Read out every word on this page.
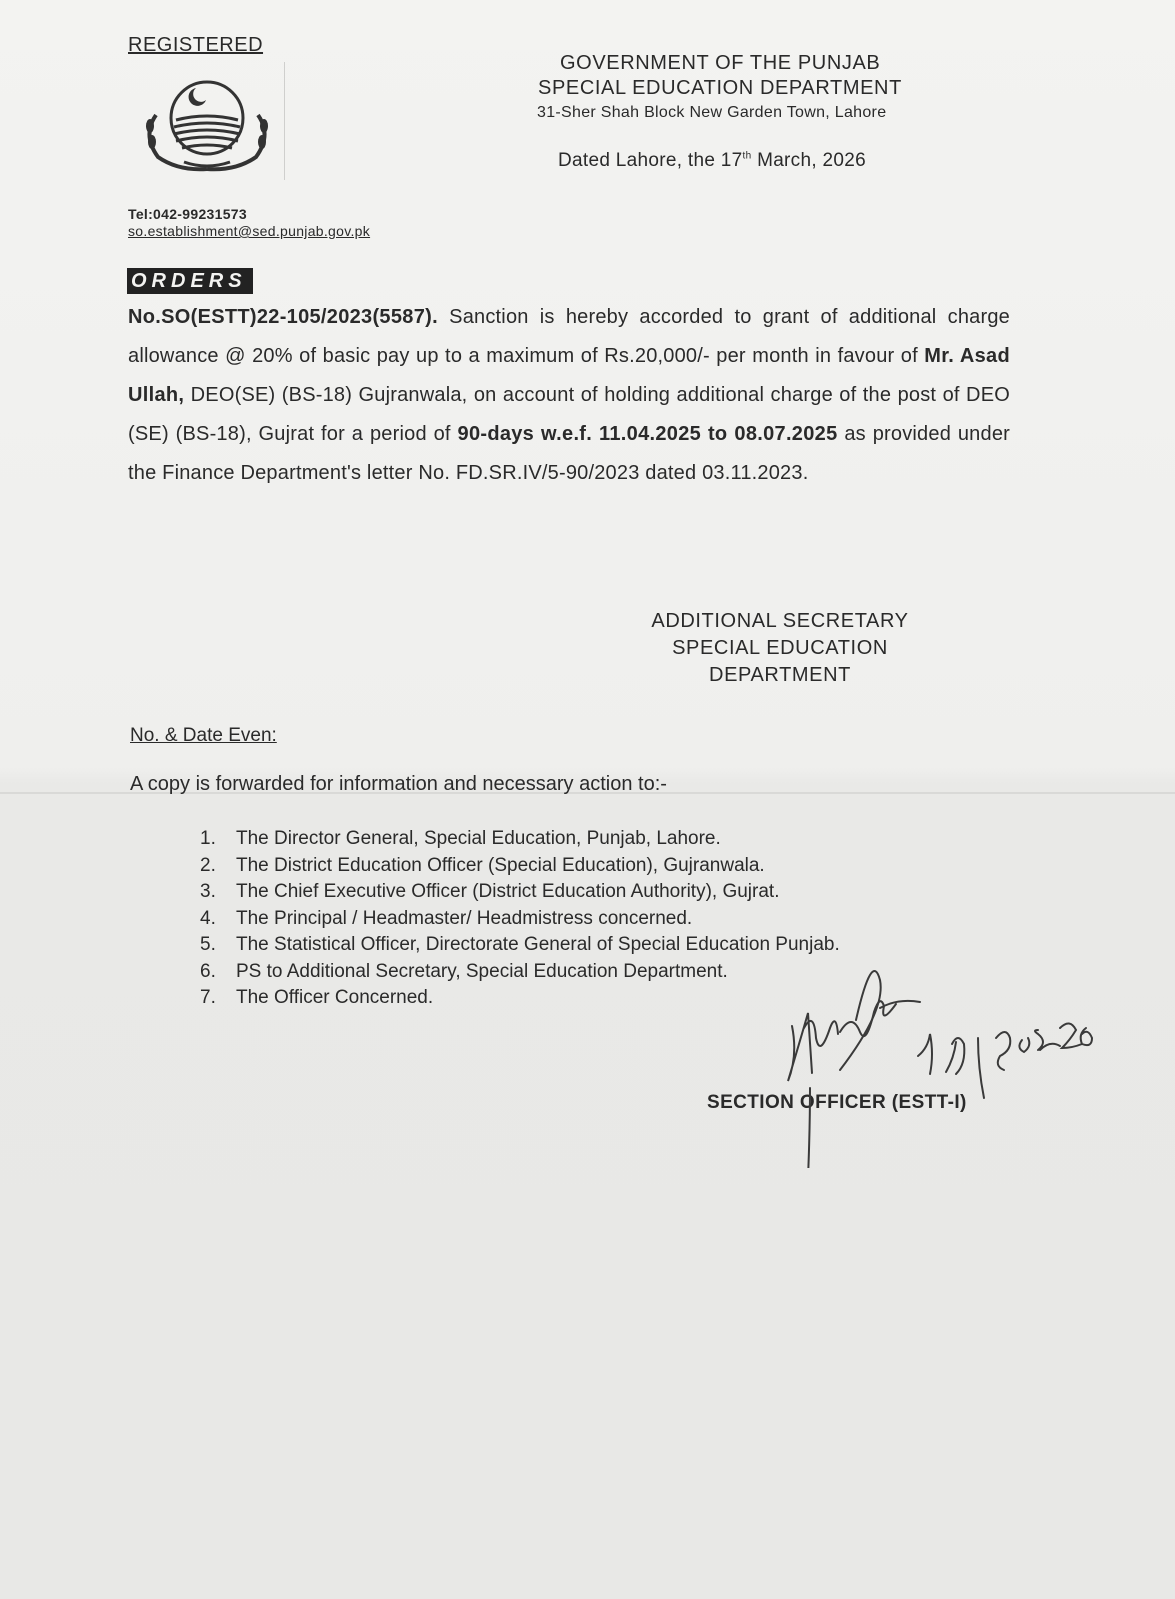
REGISTERED
GOVERNMENT OF THE PUNJAB
SPECIAL EDUCATION DEPARTMENT
31-Sher Shah Block New Garden Town, Lahore
Dated Lahore, the 17th March, 2026
Tel:042-99231573
so.establishment@sed.punjab.gov.pk
ORDERS
No.SO(ESTT)22-105/2023(5587). Sanction is hereby accorded to grant of additional charge allowance @ 20% of basic pay up to a maximum of Rs.20,000/- per month in favour of Mr. Asad Ullah, DEO(SE) (BS-18) Gujranwala, on account of holding additional charge of the post of DEO (SE) (BS-18), Gujrat for a period of 90-days w.e.f. 11.04.2025 to 08.07.2025 as provided under the Finance Department's letter No. FD.SR.IV/5-90/2023 dated 03.11.2023.
ADDITIONAL SECRETARY
SPECIAL EDUCATION
DEPARTMENT
No. & Date Even:
A copy is forwarded for information and necessary action to:-
1. The Director General, Special Education, Punjab, Lahore.
2. The District Education Officer (Special Education), Gujranwala.
3. The Chief Executive Officer (District Education Authority), Gujrat.
4. The Principal / Headmaster/ Headmistress concerned.
5. The Statistical Officer, Directorate General of Special Education Punjab.
6. PS to Additional Secretary, Special Education Department.
7. The Officer Concerned.
SECTION OFFICER (ESTT-I)
